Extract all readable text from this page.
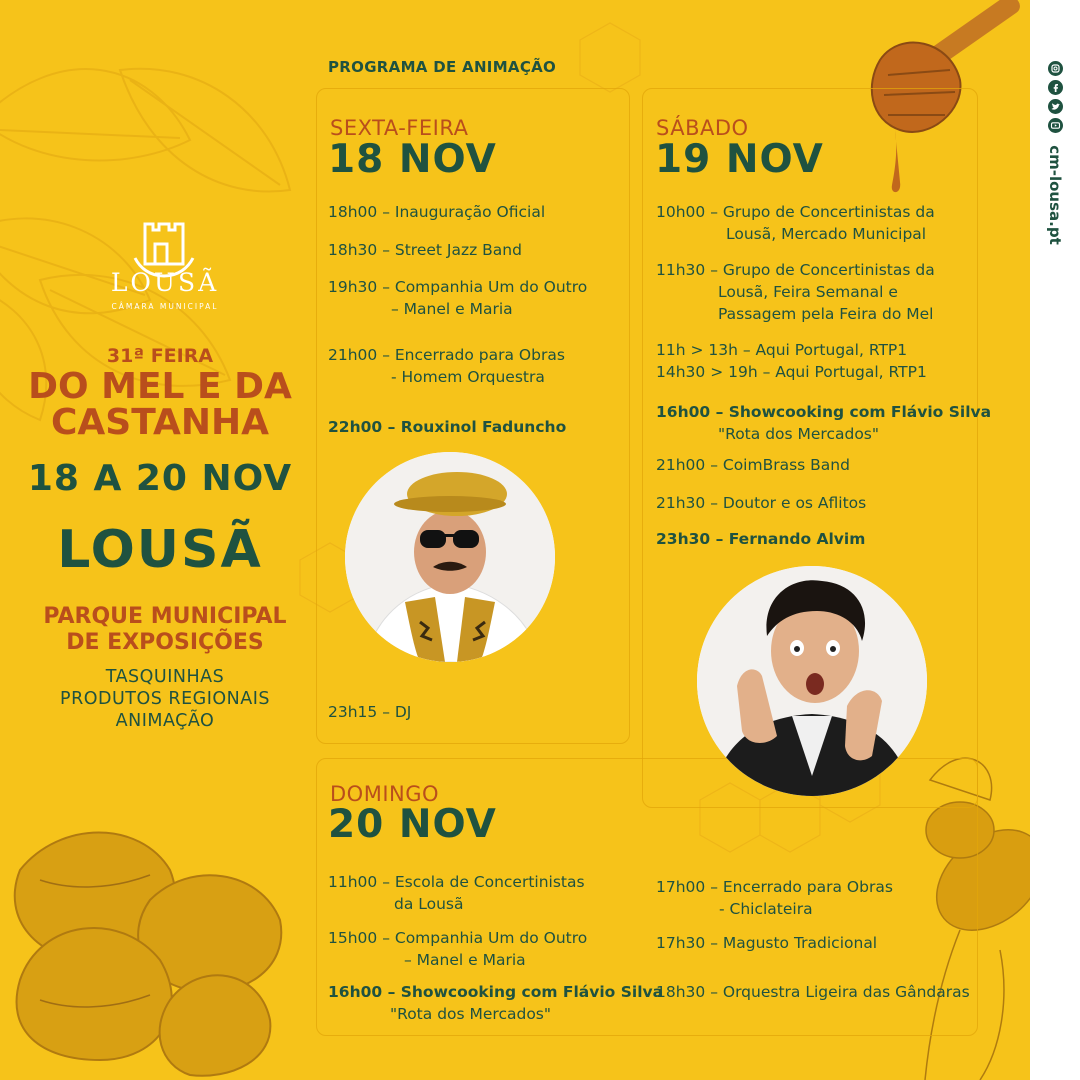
LOUSÃ
CÂMARA MUNICIPAL
31ª FEIRA
DO MEL E DA
CASTANHA
18 A 20 NOV
LOUSÃ
PARQUE MUNICIPAL
DE EXPOSIÇÕES
TASQUINHAS
PRODUTOS REGIONAIS
ANIMAÇÃO
PROGRAMA DE ANIMAÇÃO
SEXTA-FEIRA
18 NOV
18h00 – Inauguração Oficial
18h30 – Street Jazz Band
19h30 – Companhia Um do Outro
– Manel e Maria
21h00 – Encerrado para Obras
- Homem Orquestra
22h00 – Rouxinol Faduncho
23h15 – DJ
SÁBADO
19 NOV
10h00 – Grupo de Concertinistas da
Lousã, Mercado Municipal
11h30 – Grupo de Concertinistas da
Lousã, Feira Semanal e
Passagem pela Feira do Mel
11h > 13h – Aqui Portugal, RTP1
14h30 > 19h – Aqui Portugal, RTP1
16h00 – Showcooking com Flávio Silva
"Rota dos Mercados"
21h00 – CoimBrass Band
21h30 – Doutor e os Aflitos
23h30 – Fernando Alvim
DOMINGO
20 NOV
11h00 – Escola de Concertinistas
da Lousã
15h00 – Companhia Um do Outro
– Manel e Maria
16h00 – Showcooking com Flávio Silva
"Rota dos Mercados"
17h00 – Encerrado para Obras
- Chiclateira
17h30 – Magusto Tradicional
18h30 – Orquestra Ligeira das Gândaras
cm-lousa.pt
